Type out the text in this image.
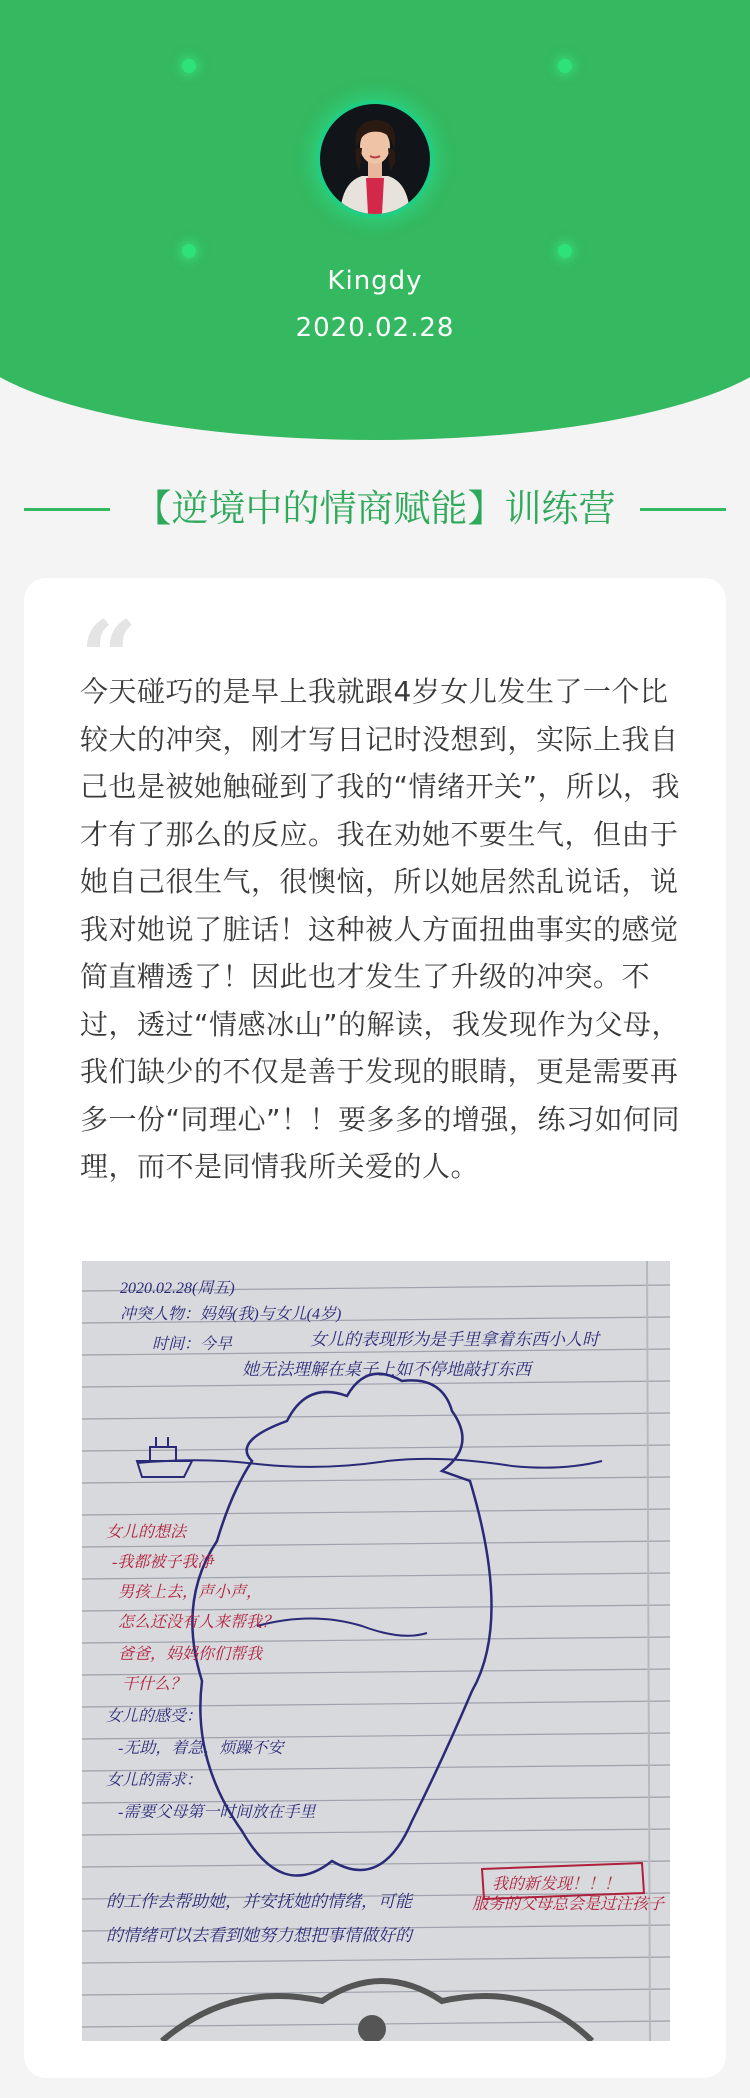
Kingdy
2020.02.28
【逆境中的情商赋能】训练营
“
今天碰巧的是早上我就跟4岁女儿发生了一个比较大的冲突，刚才写日记时没想到，实际上我自己也是被她触碰到了我的“情绪开关”，所以，我才有了那么的反应。我在劝她不要生气，但由于她自己很生气，很懊恼，所以她居然乱说话，说我对她说了脏话！这种被人方面扭曲事实的感觉简直糟透了！因此也才发生了升级的冲突。不过，透过“情感冰山”的解读，我发现作为父母，我们缺少的不仅是善于发现的眼睛，更是需要再多一份“同理心”！！要多多的增强，练习如何同理，而不是同情我所关爱的人。
2020.02.28(周五)
冲突人物：妈妈(我)与女儿(4岁)
时间：今早	女儿的表现形为是手里拿着东西小人时
她无法理解在桌子上如不停地敲打东西
女儿的想法
-我都被子我净
男孩上去，声小声，
怎么还没有人来帮我？
爸爸，妈妈你们帮我
干什么？
女儿的感受：
-无助，着急，烦躁不安
女儿的需求：
-需要父母第一时间放在手里
我的新发现！！！
的工作去帮助她，并安抚她的情绪，可能	服务的父母总会是过注孩子
的情绪可以去看到她努力想把事情做好的
